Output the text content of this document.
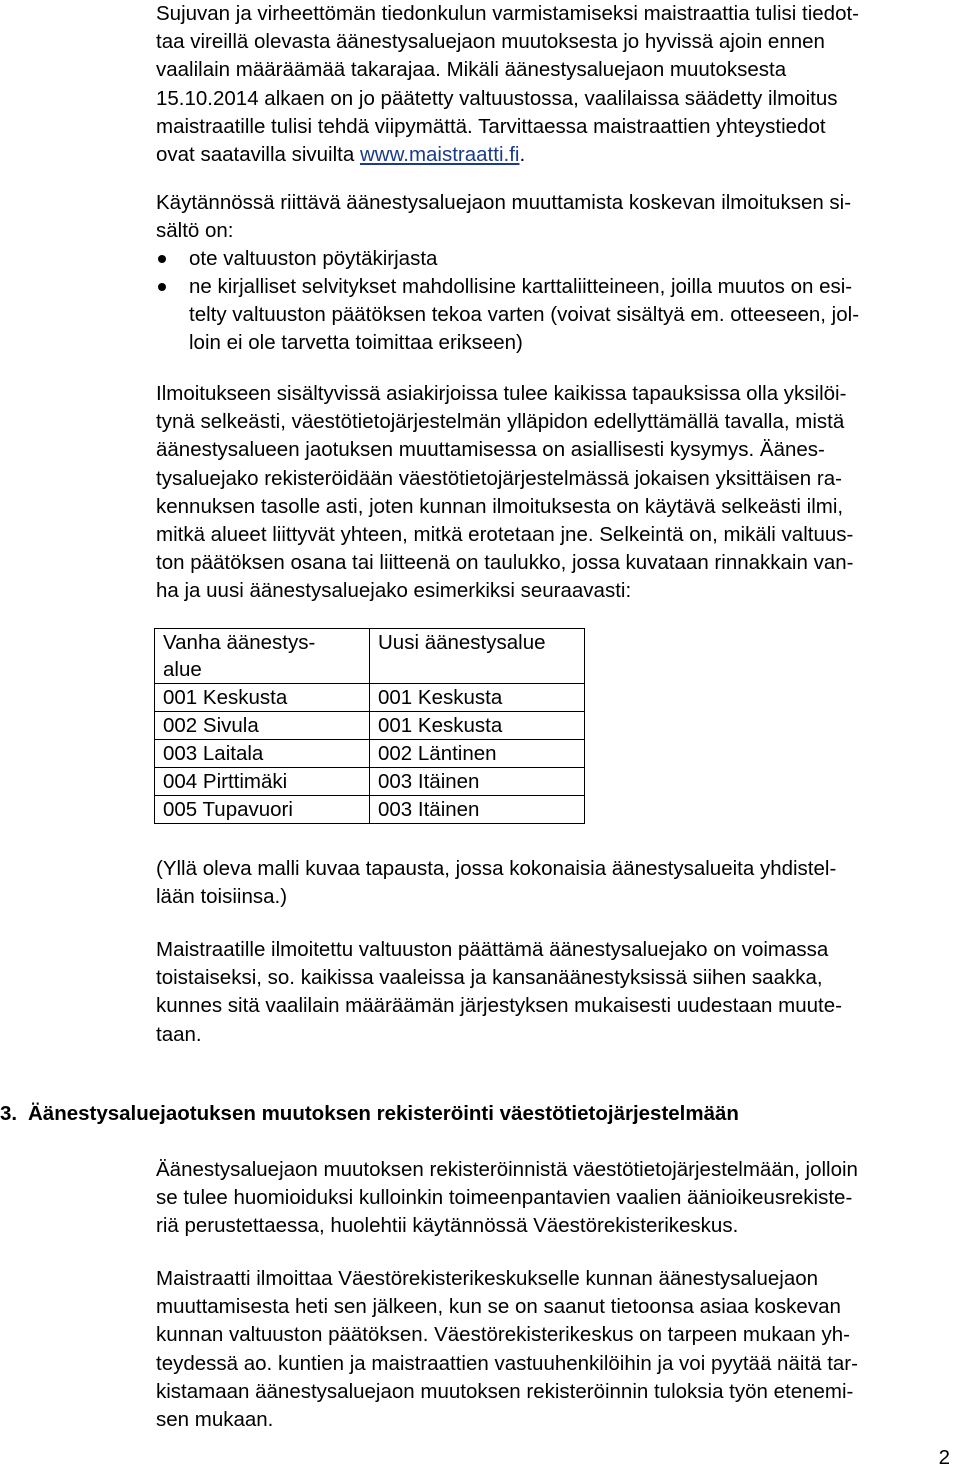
Sujuvan ja virheettömän tiedonkulun varmistamiseksi maistraattia tulisi tiedot-
taa vireillä olevasta äänestysaluejaon muutoksesta jo hyvissä ajoin ennen
vaalilain määräämää takarajaa. Mikäli äänestysaluejaon muutoksesta
15.10.2014 alkaen on jo päätetty valtuustossa, vaalilaissa säädetty ilmoitus
maistraatille tulisi tehdä viipymättä. Tarvittaessa maistraattien yhteystiedot
ovat saatavilla sivuilta www.maistraatti.fi.
Käytännössä riittävä äänestysaluejaon muuttamista koskevan ilmoituksen si-
sältö on:
ote valtuuston pöytäkirjasta
ne kirjalliset selvitykset mahdollisine karttaliitteineen, joilla muutos on esi-
telty valtuuston päätöksen tekoa varten (voivat sisältyä em. otteeseen, jol-
loin ei ole tarvetta toimittaa erikseen)
Ilmoitukseen sisältyvissä asiakirjoissa tulee kaikissa tapauksissa olla yksilöi-
tynä selkeästi, väestötietojärjestelmän ylläpidon edellyttämällä tavalla, mistä
äänestysalueen jaotuksen muuttamisessa on asiallisesti kysymys. Äänes-
tysaluejako rekisteröidään väestötietojärjestelmässä jokaisen yksittäisen ra-
kennuksen tasolle asti, joten kunnan ilmoituksesta on käytävä selkeästi ilmi,
mitkä alueet liittyvät yhteen, mitkä erotetaan jne. Selkeintä on, mikäli valtuus-
ton päätöksen osana tai liitteenä on taulukko, jossa kuvataan rinnakkain van-
ha ja uusi äänestysaluejako esimerkiksi seuraavasti:
Vanha äänestys-
alue	Uusi äänestysalue
001 Keskusta	001 Keskusta
002 Sivula	001 Keskusta
003 Laitala	002 Läntinen
004 Pirttimäki	003 Itäinen
005 Tupavuori	003 Itäinen
(Yllä oleva malli kuvaa tapausta, jossa kokonaisia äänestysalueita yhdistel-
lään toisiinsa.)
Maistraatille ilmoitettu valtuuston päättämä äänestysaluejako on voimassa
toistaiseksi, so. kaikissa vaaleissa ja kansanäänestyksissä siihen saakka,
kunnes sitä vaalilain määräämän järjestyksen mukaisesti uudestaan muute-
taan.
3. Äänestysaluejaotuksen muutoksen rekisteröinti väestötietojärjestelmään
Äänestysaluejaon muutoksen rekisteröinnistä väestötietojärjestelmään, jolloin
se tulee huomioiduksi kulloinkin toimeenpantavien vaalien äänioikeusrekiste-
riä perustettaessa, huolehtii käytännössä Väestörekisterikeskus.
Maistraatti ilmoittaa Väestörekisterikeskukselle kunnan äänestysaluejaon
muuttamisesta heti sen jälkeen, kun se on saanut tietoonsa asiaa koskevan
kunnan valtuuston päätöksen. Väestörekisterikeskus on tarpeen mukaan yh-
teydessä ao. kuntien ja maistraattien vastuuhenkilöihin ja voi pyytää näitä tar-
kistamaan äänestysaluejaon muutoksen rekisteröinnin tuloksia työn etenemi-
sen mukaan.
2
